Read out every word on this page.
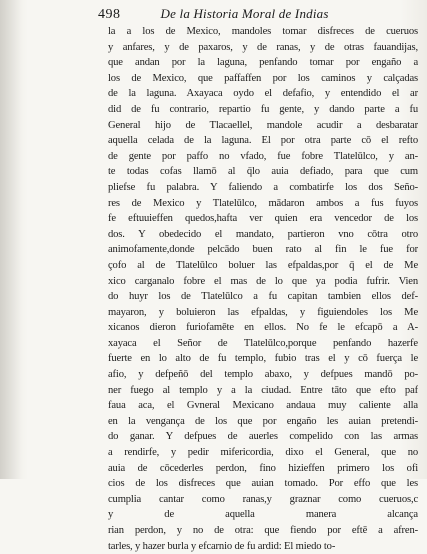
498	De la Historia Moral de Indias
la a los de Mexico, mandoles tomar disfreces de cueruos
y anfares, y de paxaros, y de ranas, y de otras fauandijas,
que andan por la laguna, penfando tomar por engaño a
los de Mexico, que paffaffen por los caminos y calçadas
de la laguna. Axayaca oydo el defafio, y entendido el ar
did de fu contrario, repartio fu gente, y dando parte a fu
General hijo de Tlacaellel, mandole acudir a desbaratar
aquella celada de la laguna. El por otra parte cō el refto
de gente por paffo no vfado, fue fobre Tlatelūlco, y an-
te todas cofas llamō al q̄lo auia defiado, para que cum
pliefse fu palabra. Y faliendo a combatirfe los dos Seño-
res de Mexico y Tlatelūlco, mādaron ambos a fus fuyos
fe eftuuieffen quedos,hafta ver quien era vencedor de los
dos. Y obedecido el mandato, partieron vno cōtra otro
animofamente,donde pelcādo buen rato al fin le fue for
çofo al de Tlatelūlco boluer las efpaldas,por q̄ el de Me
xico carganalo fobre el mas de lo que ya podia fufrir. Vien
do huyr los de Tlatelūlco a fu capitan tambien ellos def-
mayaron, y boluieron las efpaldas, y figuiendoles los Me
xicanos dieron furiofamēte en ellos. No fe le efcapō a A-
xayaca el Señor de Tlatelūlco,porque penfando hazerfe
fuerte en lo alto de fu templo, fubio tras el y cō fuerça le
afio, y defpeñō del templo abaxo, y defpues mandō po-
ner fuego al templo y a la ciudad. Entre tāto que efto paf
faua aca, el Gvneral Mexicano andaua muy caliente alla
en la vengança de los que por engaño les auian pretendi-
do ganar. Y defpues de auerles compelido con las armas
a rendirfe, y pedir mifericordia, dixo el General, que no
auia de cōcederles perdon, fino hizieffen primero los ofi
cios de los disfreces que auian tomado. Por effo que les
cumplia cantar como ranas,y graznar como cueruos,c
y de aquella manera alcança
rian perdon, y no de otra: que fiendo por eftē a afren-
tarles, y hazer burla y efcarnio de fu ardid: El miedo to-
